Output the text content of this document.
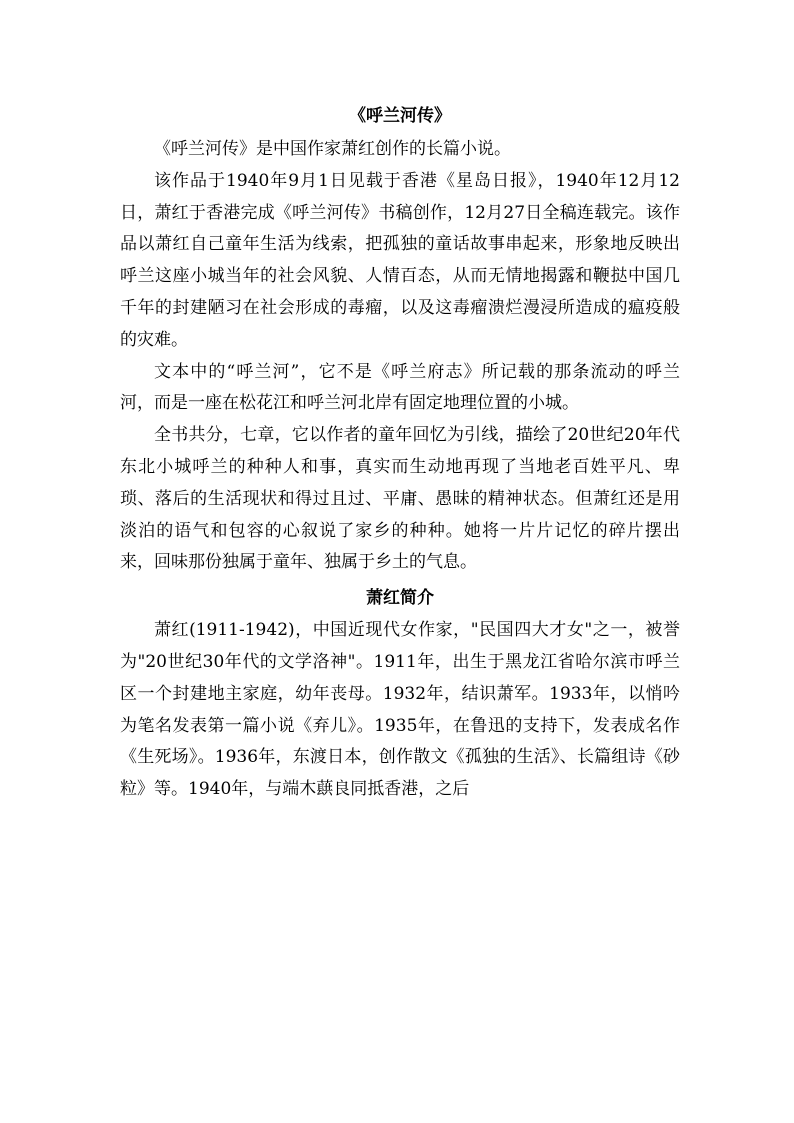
《呼兰河传》

《呼兰河传》是中国作家萧红创作的长篇小说。

该作品于1940年9月1日见载于香港《星岛日报》，1940年12月12日，萧红于香港完成《呼兰河传》书稿创作，12月27日全稿连载完。该作品以萧红自己童年生活为线索，把孤独的童话故事串起来，形象地反映出呼兰这座小城当年的社会风貌、人情百态，从而无情地揭露和鞭挞中国几千年的封建陋习在社会形成的毒瘤，以及这毒瘤溃烂漫浸所造成的瘟疫般的灾难。

文本中的“呼兰河”，它不是《呼兰府志》所记载的那条流动的呼兰河，而是一座在松花江和呼兰河北岸有固定地理位置的小城。

全书共分，七章，它以作者的童年回忆为引线，描绘了20世纪20年代东北小城呼兰的种种人和事，真实而生动地再现了当地老百姓平凡、卑琐、落后的生活现状和得过且过、平庸、愚昧的精神状态。但萧红还是用淡泊的语气和包容的心叙说了家乡的种种。她将一片片记忆的碎片摆出来，回味那份独属于童年、独属于乡土的气息。

萧红简介

萧红(1911-1942)，中国近现代女作家，"民国四大才女"之一，被誉为"20世纪30年代的文学洛神"。1911年，出生于黑龙江省哈尔滨市呼兰区一个封建地主家庭，幼年丧母。1932年，结识萧军。1933年，以悄吟为笔名发表第一篇小说《弃儿》。1935年，在鲁迅的支持下，发表成名作《生死场》。1936年，东渡日本，创作散文《孤独的生活》、长篇组诗《砂粒》等。1940年，与端木蕻良同抵香港，之后
